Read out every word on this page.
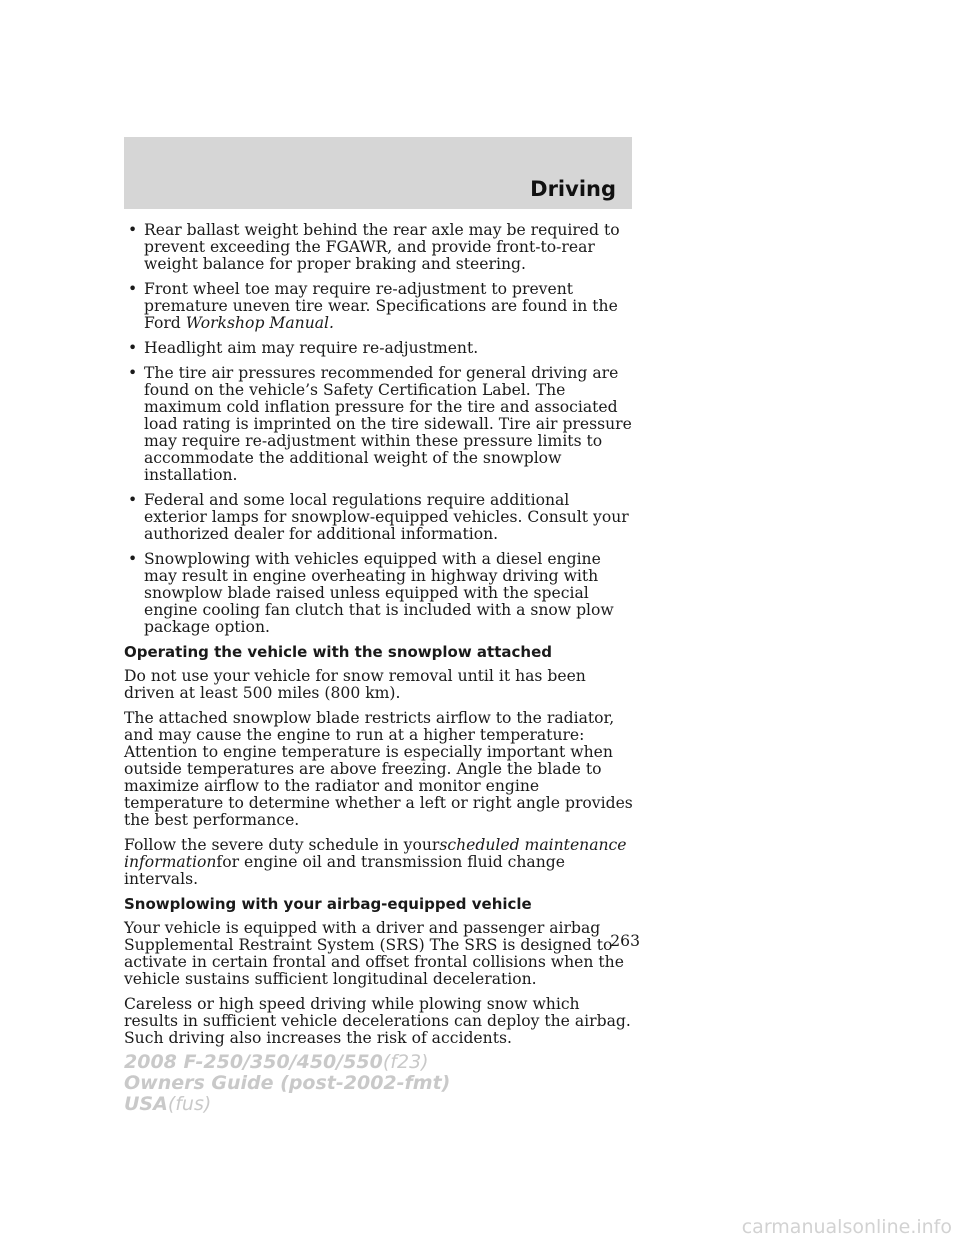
Driving
• Rear ballast weight behind the rear axle may be required to prevent exceeding the FGAWR, and provide front-to-rear weight balance for proper braking and steering.
• Front wheel toe may require re-adjustment to prevent premature uneven tire wear. Specifications are found in the Ford Workshop Manual.
• Headlight aim may require re-adjustment.
• The tire air pressures recommended for general driving are found on the vehicle’s Safety Certification Label. The maximum cold inflation pressure for the tire and associated load rating is imprinted on the tire sidewall. Tire air pressure may require re-adjustment within these pressure limits to accommodate the additional weight of the snowplow installation.
• Federal and some local regulations require additional exterior lamps for snowplow-equipped vehicles. Consult your authorized dealer for additional information.
• Snowplowing with vehicles equipped with a diesel engine may result in engine overheating in highway driving with snowplow blade raised unless equipped with the special engine cooling fan clutch that is included with a snow plow package option.
Operating the vehicle with the snowplow attached

Do not use your vehicle for snow removal until it has been driven at least 500 miles (800 km).

The attached snowplow blade restricts airflow to the radiator, and may cause the engine to run at a higher temperature: Attention to engine temperature is especially important when outside temperatures are above freezing. Angle the blade to maximize airflow to the radiator and monitor engine temperature to determine whether a left or right angle provides the best performance.

Follow the severe duty schedule in yourscheduled maintenance informationfor engine oil and transmission fluid change intervals.

Snowplowing with your airbag-equipped vehicle

Your vehicle is equipped with a driver and passenger airbag Supplemental Restraint System (SRS) The SRS is designed to activate in certain frontal and offset frontal collisions when the vehicle sustains sufficient longitudinal deceleration.

Careless or high speed driving while plowing snow which results in sufficient vehicle decelerations can deploy the airbag. Such driving also increases the risk of accidents.

263
2008 F-250/350/450/550(f23)
Owners Guide (post-2002-fmt)
USA(fus)
carmanualsonline.info
